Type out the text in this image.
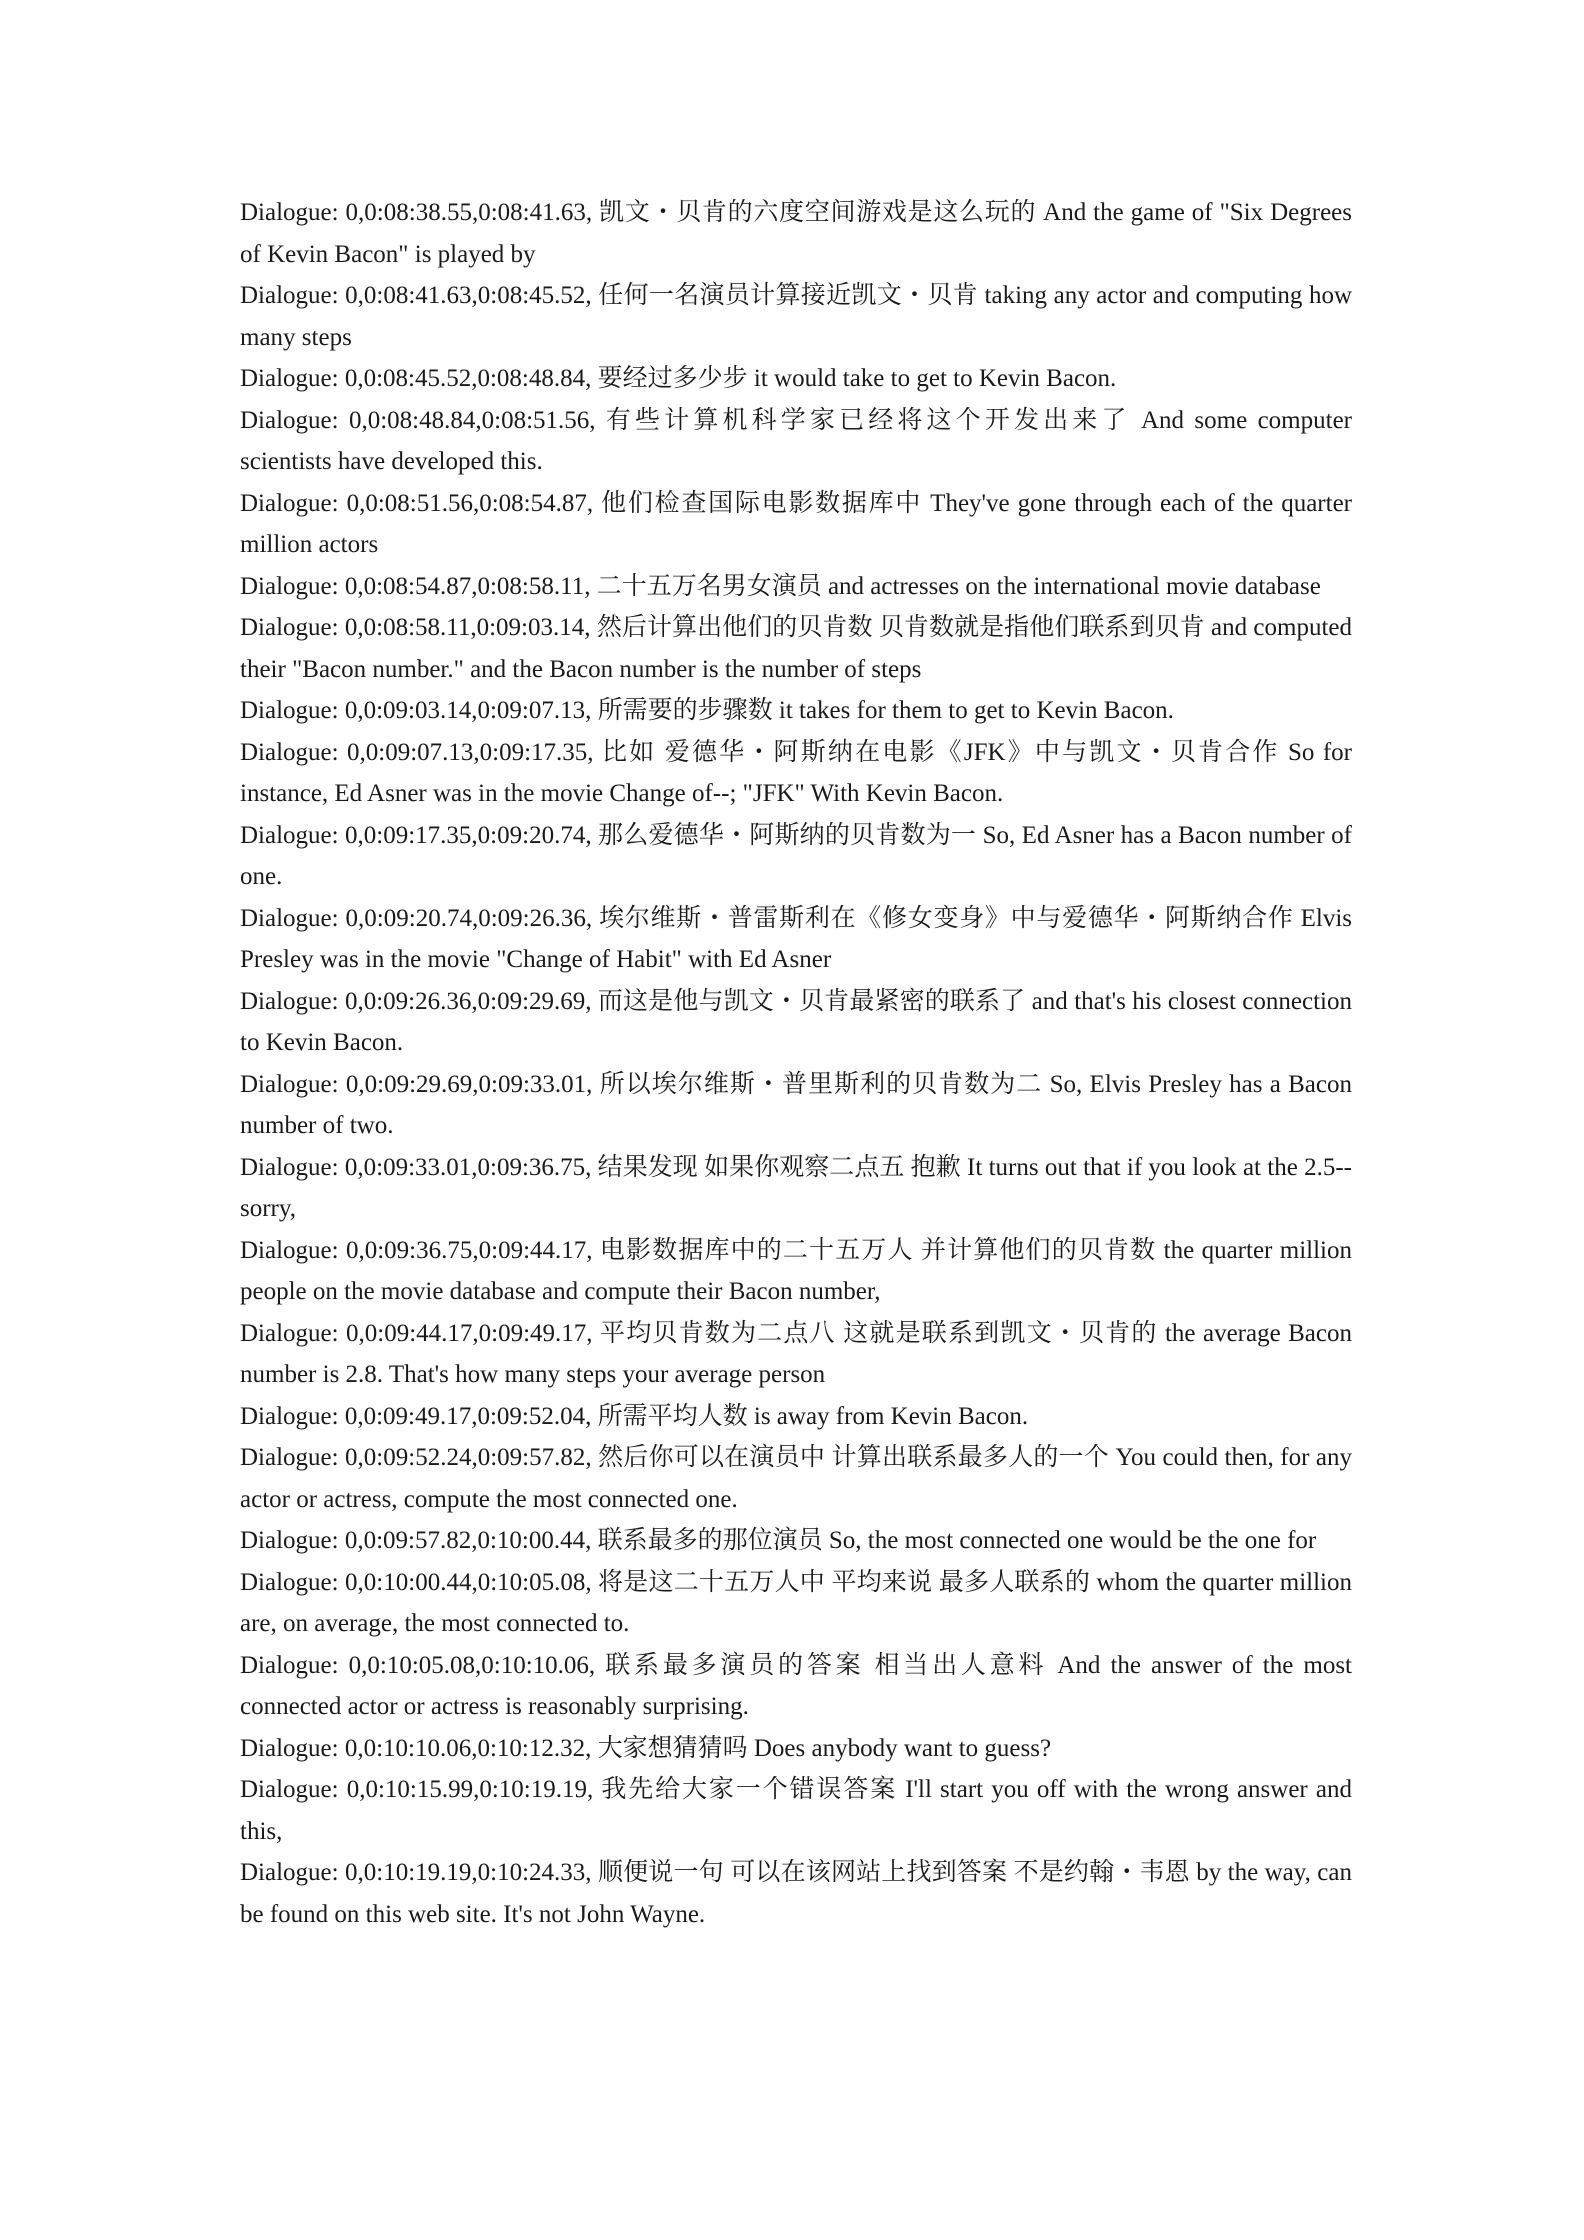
Dialogue: 0,0:08:38.55,0:08:41.63, 凯文・贝肯的六度空间游戏是这么玩的 And the game of "Six Degrees of Kevin Bacon" is played by

Dialogue: 0,0:08:41.63,0:08:45.52, 任何一名演员计算接近凯文・贝肯 taking any actor and computing how many steps

Dialogue: 0,0:08:45.52,0:08:48.84, 要经过多少步 it would take to get to Kevin Bacon.

Dialogue: 0,0:08:48.84,0:08:51.56, 有些计算机科学家已经将这个开发出来了 And some computer scientists have developed this.

Dialogue: 0,0:08:51.56,0:08:54.87, 他们检查国际电影数据库中 They've gone through each of the quarter million actors

Dialogue: 0,0:08:54.87,0:08:58.11, 二十五万名男女演员 and actresses on the international movie database

Dialogue: 0,0:08:58.11,0:09:03.14, 然后计算出他们的贝肯数 贝肯数就是指他们联系到贝肯 and computed their "Bacon number." and the Bacon number is the number of steps

Dialogue: 0,0:09:03.14,0:09:07.13, 所需要的步骤数 it takes for them to get to Kevin Bacon.

Dialogue: 0,0:09:07.13,0:09:17.35, 比如 爱德华・阿斯纳在电影《JFK》中与凯文・贝肯合作 So for instance, Ed Asner was in the movie Change of--; "JFK" With Kevin Bacon.

Dialogue: 0,0:09:17.35,0:09:20.74, 那么爱德华・阿斯纳的贝肯数为一 So, Ed Asner has a Bacon number of one.

Dialogue: 0,0:09:20.74,0:09:26.36, 埃尔维斯・普雷斯利在《修女变身》中与爱德华・阿斯纳合作 Elvis Presley was in the movie "Change of Habit" with Ed Asner

Dialogue: 0,0:09:26.36,0:09:29.69, 而这是他与凯文・贝肯最紧密的联系了 and that's his closest connection to Kevin Bacon.

Dialogue: 0,0:09:29.69,0:09:33.01, 所以埃尔维斯・普里斯利的贝肯数为二 So, Elvis Presley has a Bacon number of two.

Dialogue: 0,0:09:33.01,0:09:36.75, 结果发现 如果你观察二点五 抱歉 It turns out that if you look at the 2.5--sorry,

Dialogue: 0,0:09:36.75,0:09:44.17, 电影数据库中的二十五万人 并计算他们的贝肯数 the quarter million people on the movie database and compute their Bacon number,

Dialogue: 0,0:09:44.17,0:09:49.17, 平均贝肯数为二点八 这就是联系到凯文・贝肯的 the average Bacon number is 2.8. That's how many steps your average person

Dialogue: 0,0:09:49.17,0:09:52.04, 所需平均人数 is away from Kevin Bacon.

Dialogue: 0,0:09:52.24,0:09:57.82, 然后你可以在演员中 计算出联系最多人的一个 You could then, for any actor or actress, compute the most connected one.

Dialogue: 0,0:09:57.82,0:10:00.44, 联系最多的那位演员 So, the most connected one would be the one for

Dialogue: 0,0:10:00.44,0:10:05.08, 将是这二十五万人中 平均来说 最多人联系的 whom the quarter million are, on average, the most connected to.

Dialogue: 0,0:10:05.08,0:10:10.06, 联系最多演员的答案 相当出人意料 And the answer of the most connected actor or actress is reasonably surprising.

Dialogue: 0,0:10:10.06,0:10:12.32, 大家想猜猜吗 Does anybody want to guess?

Dialogue: 0,0:10:15.99,0:10:19.19, 我先给大家一个错误答案 I'll start you off with the wrong answer and this,

Dialogue: 0,0:10:19.19,0:10:24.33, 顺便说一句 可以在该网站上找到答案 不是约翰・韦恩 by the way, can be found on this web site. It's not John Wayne.
